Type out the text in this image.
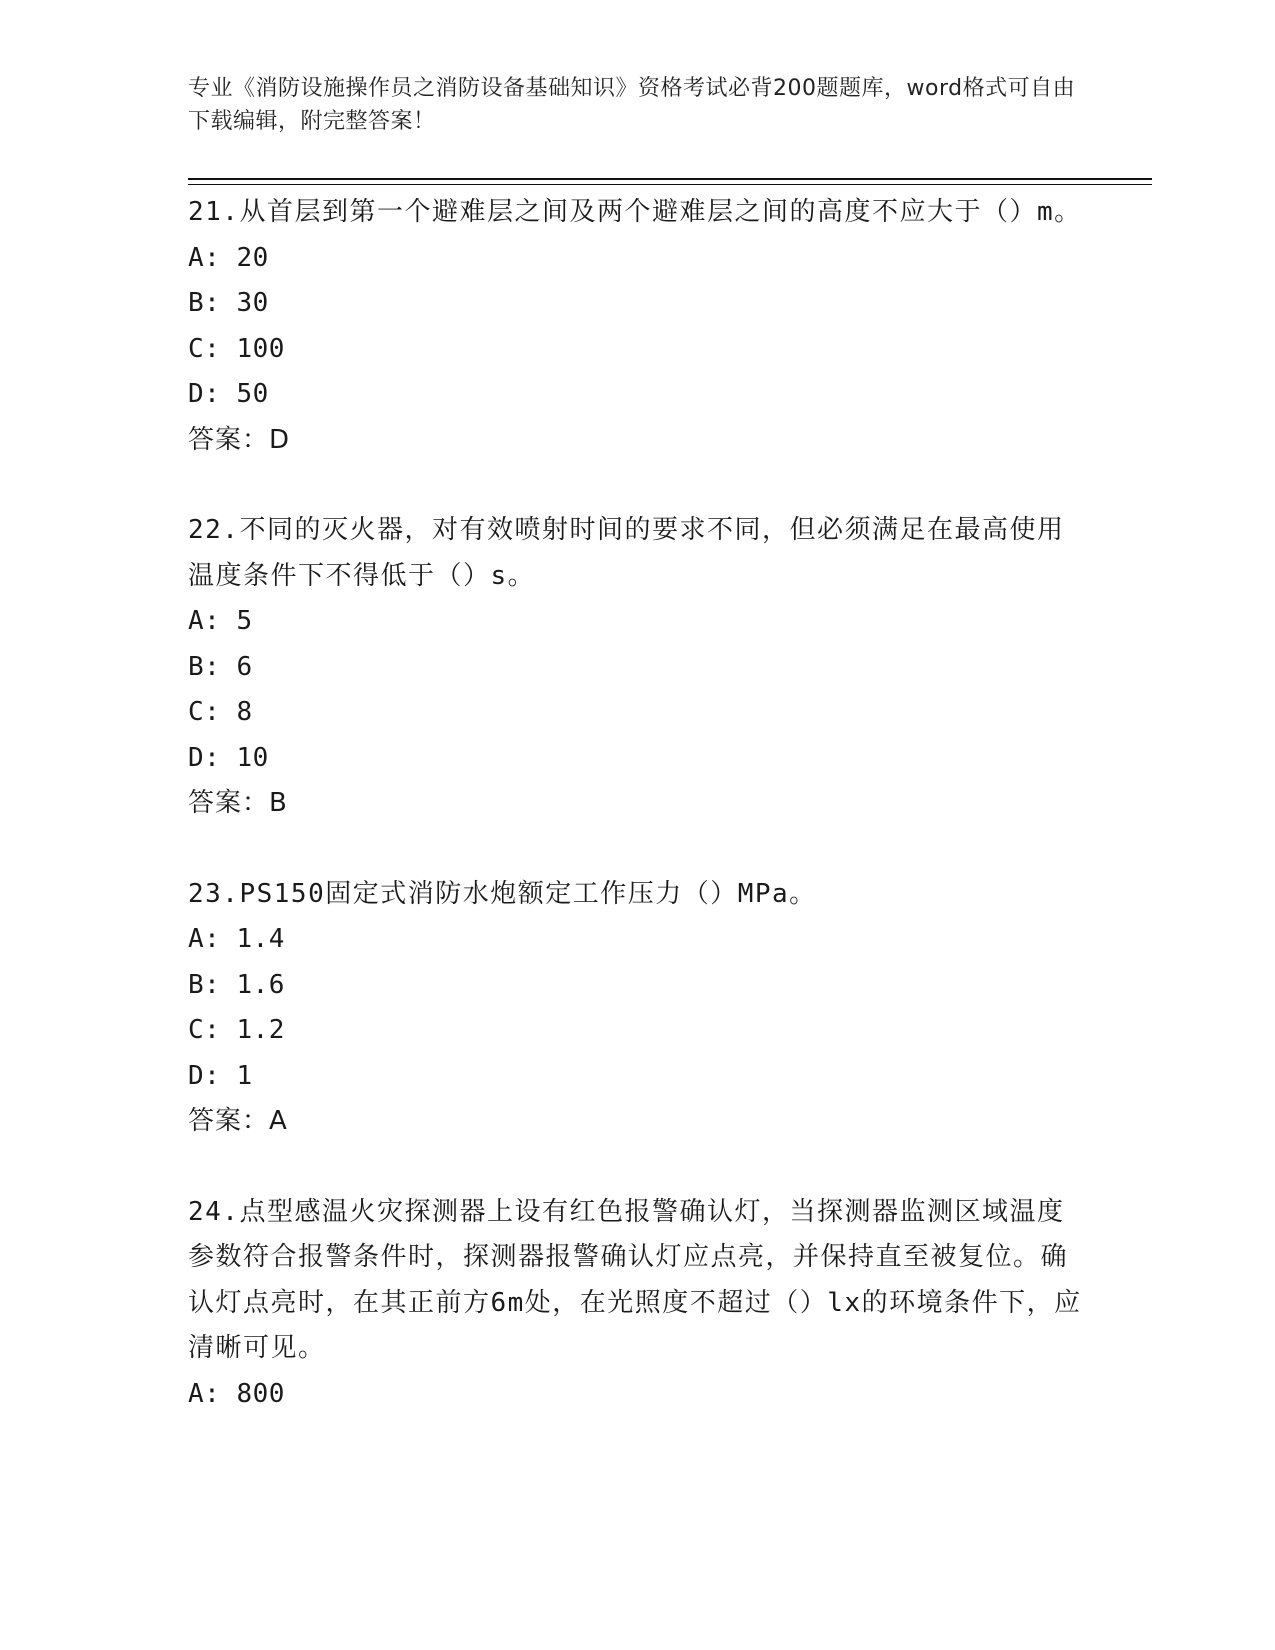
专业《消防设施操作员之消防设备基础知识》资格考试必背200题题库，word格式可自由下载编辑，附完整答案！

21.从首层到第一个避难层之间及两个避难层之间的高度不应大于（）m。

A: 20

B: 30

C: 100

D: 50

答案：D

22.不同的灭火器，对有效喷射时间的要求不同，但必须满足在最高使用温度条件下不得低于（）s。

A: 5

B: 6

C: 8

D: 10

答案：B

23.PS150固定式消防水炮额定工作压力（）MPa。

A: 1.4

B: 1.6

C: 1.2

D: 1

答案：A

24.点型感温火灾探测器上设有红色报警确认灯，当探测器监测区域温度参数符合报警条件时，探测器报警确认灯应点亮，并保持直至被复位。确认灯点亮时，在其正前方6m处，在光照度不超过（）lx的环境条件下，应清晰可见。

A: 800
